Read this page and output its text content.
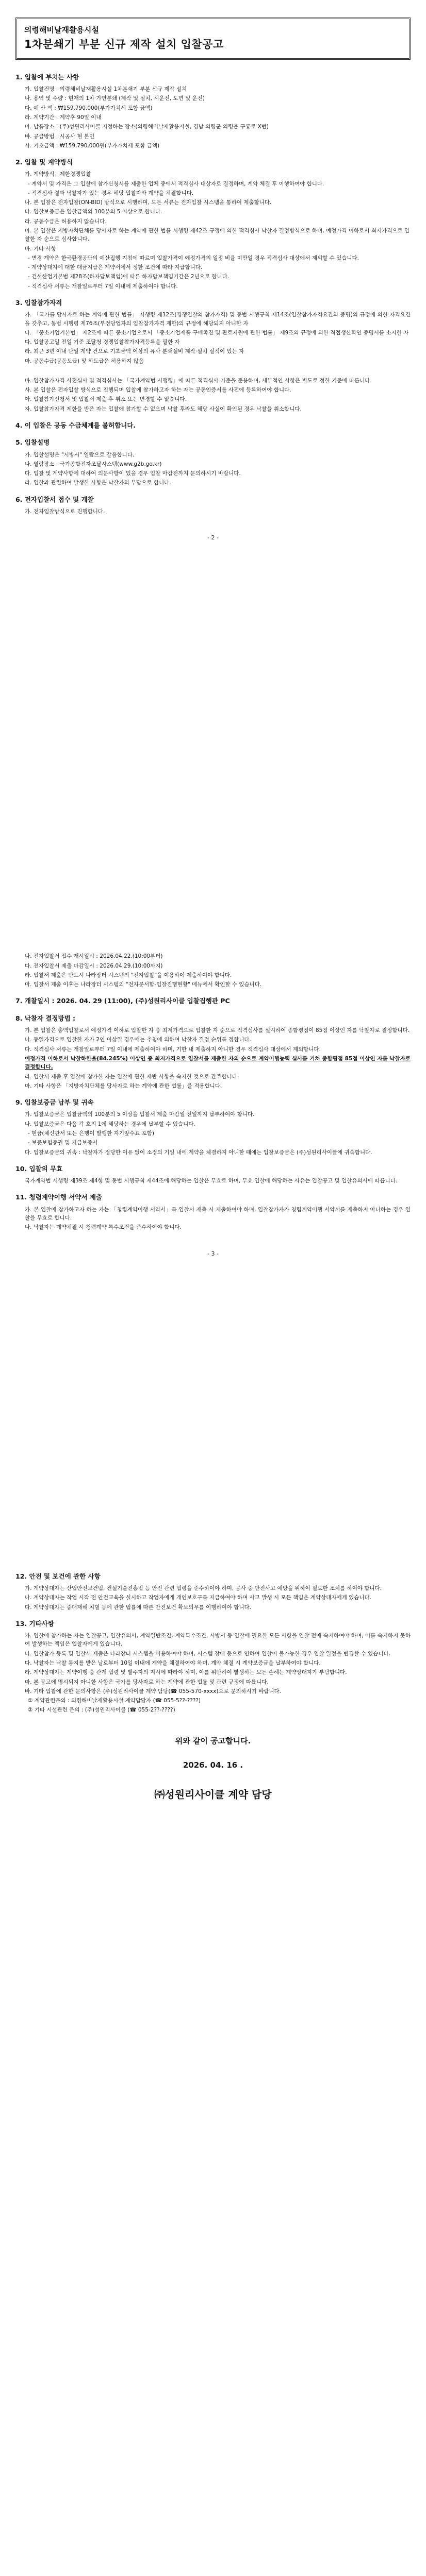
의령해비날재활용시설
1차분쇄기 부분 신규 제작 설치 입찰공고
1. 입찰에 부치는 사항
가. 입찰건명 : 의령해비날재활용시설 1차분쇄기 부분 신규 제작 설치
나. 용역 및 수량 : 현재의 1차 가연분쇄 (제작 및 설치, 시운전, 도면 및 운전)
다. 예 산 액 : ₩159,790,000(부가가치세 포함 금액)
라. 계약기간 : 계약후 90일 이내
마. 납품장소 : (주)성원리사이클 지정하는 장소(의령해비날재활용시설, 경남 의령군 의령읍 구룡로 X번)
바. 공급방법 : 시공사 현 본인
사. 기초금액 : ₩159,790,000원(부가가치세 포함 금액)
2. 입찰 및 계약방식
가. 계약방식 : 제한경쟁입찰
- 계약서 및 가격은 그 입찰에 참가신청서를 제출한 업체 중에서 적격심사 대상자로 결정하며, 계약 체결 후 이행하여야 합니다.
- 적격심사 결과 낙찰자가 있는 경우 해당 입찰자와 계약을 체결합니다.
나. 본 입찰은 전자입찰(ON-BID) 방식으로 시행하며, 모든 서류는 전자입찰 시스템을 통하여 제출합니다.
다. 입찰보증금은 입찰금액의 100분의 5 이상으로 합니다.
라. 공동수급은 허용하지 않습니다.
마. 본 입찰은 지방자치단체를 당사자로 하는 계약에 관한 법률 시행령 제42조 규정에 의한 적격심사 낙찰자 결정방식으로 하며, 예정가격 이하로서 최저가격으로 입찰한 자 순으로 심사합니다.
바. 기타 사항
- 변경 계약은 한국환경공단의 예산집행 지침에 따르며 입찰가격이 예정가격의 일정 비율 미만일 경우 적격심사 대상에서 제외할 수 있습니다.
- 계약상대자에 대한 대금지급은 계약서에서 정한 조건에 따라 지급합니다.
- 건설산업기본법 제28조(하자담보책임)에 따른 하자담보책임기간은 2년으로 합니다.
- 적격심사 서류는 개찰일로부터 7일 이내에 제출하여야 합니다.
3. 입찰참가자격
가. 「국가를 당사자로 하는 계약에 관한 법률」 시행령 제12조(경쟁입찰의 참가자격) 및 동법 시행규칙 제14조(입찰참가자격요건의 증명)의 규정에 의한 자격요건을 갖추고, 동법 시행령 제76조(부정당업자의 입찰참가자격 제한)의 규정에 해당되지 아니한 자
나. 「중소기업기본법」 제2조에 따른 중소기업으로서 「중소기업제품 구매촉진 및 판로지원에 관한 법률」 제9조의 규정에 의한 직접생산확인 증명서를 소지한 자
다. 입찰공고일 전일 기준 조달청 경쟁입찰참가자격등록을 필한 자
라. 최근 3년 이내 단일 계약 건으로 기초금액 이상의 유사 분쇄설비 제작·설치 실적이 있는 자
마. 공동수급(공동도급) 및 하도급은 허용하지 않음
바. 입찰참가자격 사전심사 및 적격심사는 「국가계약법 시행령」에 따른 적격심사 기준을 준용하며, 세부적인 사항은 별도로 정한 기준에 따릅니다.
사. 본 입찰은 전자입찰 방식으로 진행되며 입찰에 참가하고자 하는 자는 공동인증서를 사전에 등록하여야 합니다.
아. 입찰참가신청서 및 입찰서 제출 후 취소 또는 변경할 수 없습니다.
자. 입찰참가자격 제한을 받은 자는 입찰에 참가할 수 없으며 낙찰 후라도 해당 사실이 확인된 경우 낙찰을 취소합니다.
4. 이 입찰은 공동 수급체계를 불허합니다.
5. 입찰설명
가. 입찰설명은 "시방서" 열람으로 갈음합니다.
나. 열람장소 : 국가종합전자조달시스템(www.g2b.go.kr)
다. 입찰 및 계약사항에 대하여 의문사항이 있을 경우 입찰 마감전까지 문의하시기 바랍니다.
라. 입찰과 관련하여 발생한 사항은 낙찰자의 부담으로 합니다.
6. 전자입찰서 접수 및 개찰
가. 전자입찰방식으로 진행합니다.
- 2 -
나. 전자입찰서 접수 개시일시 : 2026.04.22.(10:00부터)
다. 전자입찰서 제출 마감일시 : 2026.04.29.(10:00까지)
라. 입찰서 제출은 반드시 나라장터 시스템의 "전자입찰"을 이용하여 제출하여야 합니다.
마. 입찰서 제출 이후는 나라장터 시스템의 "전자문서함-입찰진행현황" 메뉴에서 확인할 수 있습니다.
7. 개찰일시 : 2026. 04. 29 (11:00), (주)성원리사이클 입찰집행관 PC
8. 낙찰자 결정방법 :
가. 본 입찰은 총액입찰로서 예정가격 이하로 입찰한 자 중 최저가격으로 입찰한 자 순으로 적격심사를 실시하여 종합평점이 85점 이상인 자를 낙찰자로 결정합니다.
나. 동일가격으로 입찰한 자가 2인 이상일 경우에는 추첨에 의하여 낙찰자 결정 순위를 정합니다.
다. 적격심사 서류는 개찰일로부터 7일 이내에 제출하여야 하며, 기한 내 제출하지 아니한 경우 적격심사 대상에서 제외합니다.
예정가격 이하로서 낙찰하한율(84.245%) 이상인 중 최저가격으로 입찰서를 제출한 자의 순으로 계약이행능력 심사를 거쳐 종합평점 85점 이상인 자를 낙찰자로 결정합니다.
라. 입찰서 제출 후 입찰에 참가한 자는 입찰에 관한 제반 사항을 숙지한 것으로 간주합니다.
마. 기타 사항은 「지방자치단체를 당사자로 하는 계약에 관한 법률」을 적용합니다.
9. 입찰보증금 납부 및 귀속
가. 입찰보증금은 입찰금액의 100분의 5 이상을 입찰서 제출 마감일 전일까지 납부하여야 합니다.
나. 입찰보증금은 다음 각 호의 1에 해당하는 경우에 납부할 수 있습니다.
- 현금(체신관서 또는 은행이 발행한 자기앞수표 포함)
- 보증보험증권 및 지급보증서
다. 입찰보증금의 귀속 : 낙찰자가 정당한 이유 없이 소정의 기일 내에 계약을 체결하지 아니한 때에는 입찰보증금은 (주)성원리사이클에 귀속합니다.
10. 입찰의 무효
국가계약법 시행령 제39조 제4항 및 동법 시행규칙 제44조에 해당하는 입찰은 무효로 하며, 무효 입찰에 해당하는 사유는 입찰공고 및 입찰유의서에 따릅니다.
11. 청렴계약이행 서약서 제출
가. 본 입찰에 참가하고자 하는 자는 「청렴계약이행 서약서」를 입찰서 제출 시 제출하여야 하며, 입찰참가자가 청렴계약이행 서약서를 제출하지 아니하는 경우 입찰을 무효로 합니다.
나. 낙찰자는 계약체결 시 청렴계약 특수조건을 준수하여야 합니다.
- 3 -
12. 안전 및 보건에 관한 사항
가. 계약상대자는 산업안전보건법, 건설기술진흥법 등 안전 관련 법령을 준수하여야 하며, 공사 중 안전사고 예방을 위하여 필요한 조치를 하여야 합니다.
나. 계약상대자는 작업 시작 전 안전교육을 실시하고 작업자에게 개인보호구를 지급하여야 하며 사고 발생 시 모든 책임은 계약상대자에게 있습니다.
다. 계약상대자는 중대재해 처벌 등에 관한 법률에 따른 안전보건 확보의무를 이행하여야 합니다.
13. 기타사항
가. 입찰에 참가하는 자는 입찰공고, 입찰유의서, 계약일반조건, 계약특수조건, 시방서 등 입찰에 필요한 모든 사항을 입찰 전에 숙지하여야 하며, 이를 숙지하지 못하여 발생하는 책임은 입찰자에게 있습니다.
나. 입찰참가 등록 및 입찰서 제출은 나라장터 시스템을 이용하여야 하며, 시스템 장애 등으로 인하여 입찰이 불가능한 경우 입찰 일정을 변경할 수 있습니다.
다. 낙찰자는 낙찰 통지를 받은 날로부터 10일 이내에 계약을 체결하여야 하며, 계약 체결 시 계약보증금을 납부하여야 합니다.
라. 계약상대자는 계약이행 중 관계 법령 및 발주자의 지시에 따라야 하며, 이를 위반하여 발생하는 모든 손해는 계약상대자가 부담합니다.
마. 본 공고에 명시되지 아니한 사항은 국가를 당사자로 하는 계약에 관한 법률 및 관련 규정에 따릅니다.
바. 기타 입찰에 관한 문의사항은 (주)성원리사이클 계약 담당(☎ 055-570-xxxx)으로 문의하시기 바랍니다.
① 계약관련문의 : 의령해비날재활용시설 계약담당자 (☎ 055-5??-????)
② 기타 시설관련 문의 : (주)성원리사이클 (☎ 055-2??-????)
위와 같이 공고합니다.
2026. 04. 16 .
㈜성원리사이클 계약 담당
